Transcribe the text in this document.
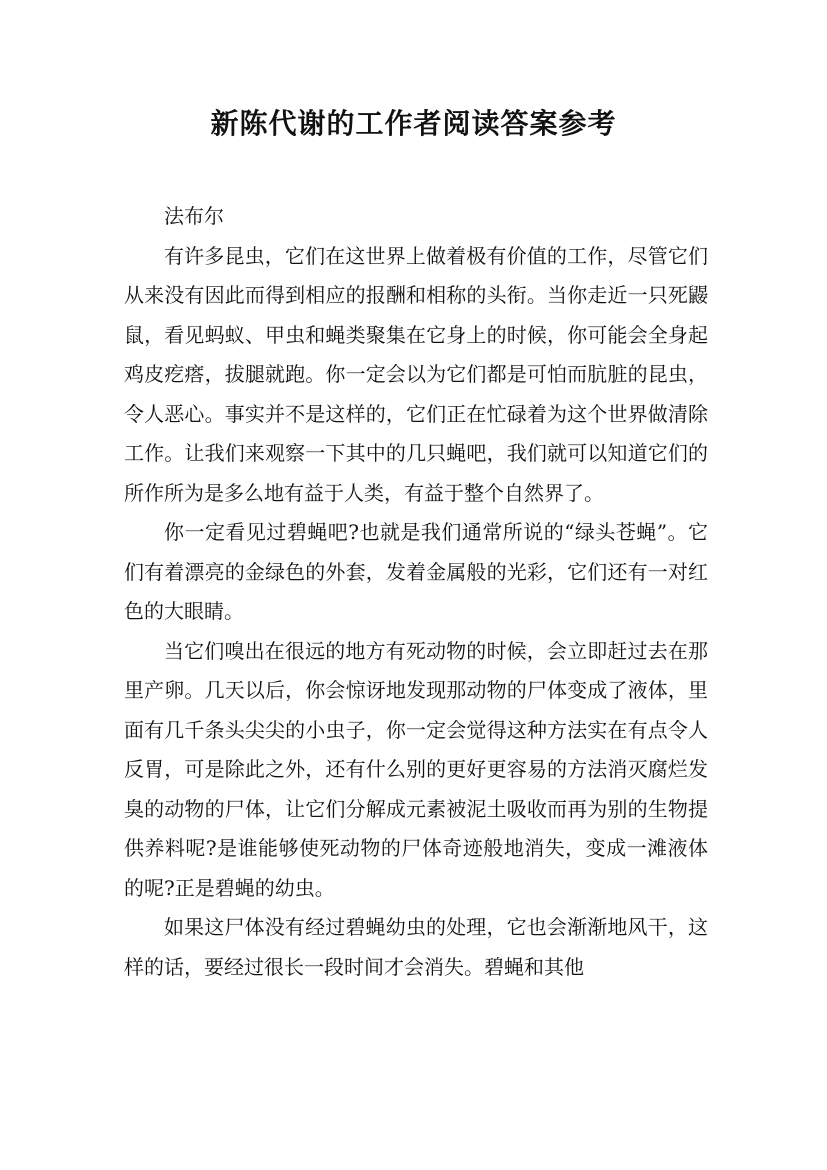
新陈代谢的工作者阅读答案参考

法布尔

有许多昆虫，它们在这世界上做着极有价值的工作，尽管它们从来没有因此而得到相应的报酬和相称的头衔。当你走近一只死鼹鼠，看见蚂蚁、甲虫和蝇类聚集在它身上的时候，你可能会全身起鸡皮疙瘩，拔腿就跑。你一定会以为它们都是可怕而肮脏的昆虫，令人恶心。事实并不是这样的，它们正在忙碌着为这个世界做清除工作。让我们来观察一下其中的几只蝇吧，我们就可以知道它们的所作所为是多么地有益于人类，有益于整个自然界了。

你一定看见过碧蝇吧?也就是我们通常所说的“绿头苍蝇”。它们有着漂亮的金绿色的外套，发着金属般的光彩，它们还有一对红色的大眼睛。

当它们嗅出在很远的地方有死动物的时候，会立即赶过去在那里产卵。几天以后，你会惊讶地发现那动物的尸体变成了液体，里面有几千条头尖尖的小虫子，你一定会觉得这种方法实在有点令人反胃，可是除此之外，还有什么别的更好更容易的方法消灭腐烂发臭的动物的尸体，让它们分解成元素被泥土吸收而再为别的生物提供养料呢?是谁能够使死动物的尸体奇迹般地消失，变成一滩液体的呢?正是碧蝇的幼虫。

如果这尸体没有经过碧蝇幼虫的处理，它也会渐渐地风干，这样的话，要经过很长一段时间才会消失。碧蝇和其他
